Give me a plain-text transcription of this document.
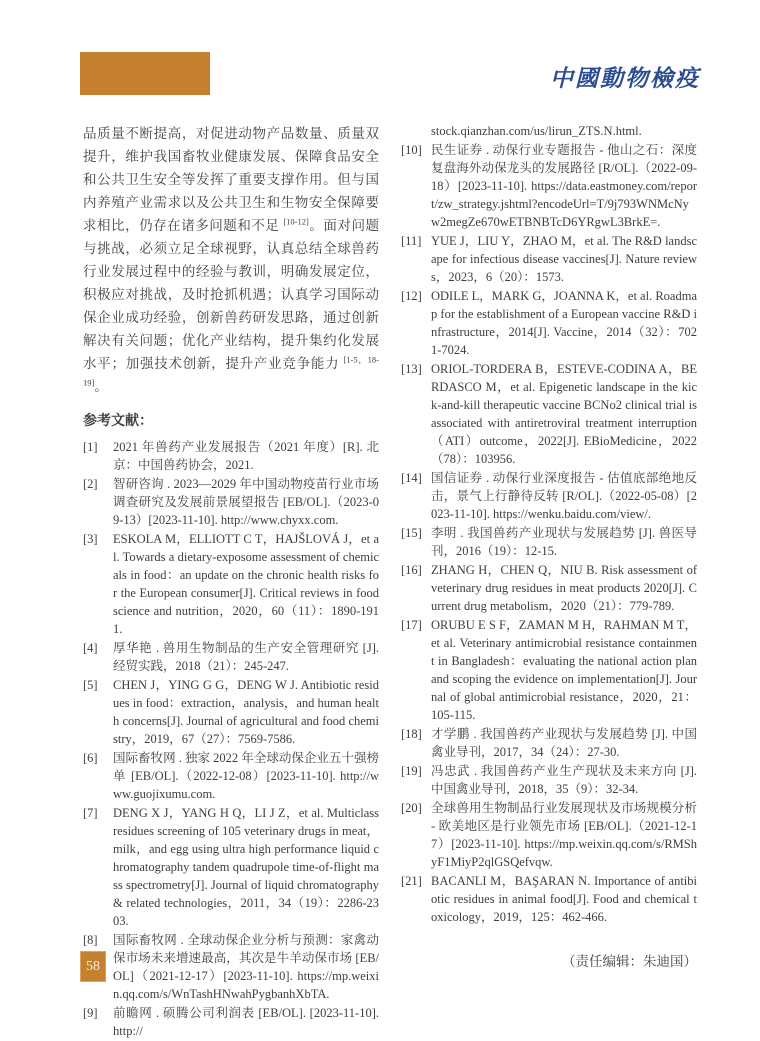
中國動物檢疫

品质量不断提高，对促进动物产品数量、质量双提升，维护我国畜牧业健康发展、保障食品安全和公共卫生安全等发挥了重要支撑作用。但与国内养殖产业需求以及公共卫生和生物安全保障要求相比，仍存在诸多问题和不足 [10-12]。面对问题与挑战，必须立足全球视野，认真总结全球兽药行业发展过程中的经验与教训，明确发展定位，积极应对挑战，及时抢抓机遇；认真学习国际动保企业成功经验，创新兽药研发思路，通过创新解决有关问题；优化产业结构，提升集约化发展水平；加强技术创新，提升产业竞争能力 [1-5，18-19]。

参考文献：
[1]	2021 年兽药产业发展报告（2021 年度）[R]. 北京：中国兽药协会，2021.
[2]	智研咨询 . 2023—2029 年中国动物疫苗行业市场调查研究及发展前景展望报告 [EB/OL].（2023-09-13）[2023-11-10]. http://www.chyxx.com.
[3]	ESKOLA M，ELLIOTT C T，HAJŠLOVÁ J，et al. Towards a dietary-exposome assessment of chemicals in food：an update on the chronic health risks for the European consumer[J]. Critical reviews in food science and nutrition，2020，60（11）：1890-1911.
[4]	厚华艳 . 兽用生物制品的生产安全管理研究 [J]. 经贸实践，2018（21）：245-247.
[5]	CHEN J，YING G G，DENG W J. Antibiotic residues in food：extraction，analysis，and human health concerns[J]. Journal of agricultural and food chemistry，2019，67（27）：7569-7586.
[6]	国际畜牧网 . 独家 2022 年全球动保企业五十强榜单 [EB/OL].（2022-12-08）[2023-11-10]. http://www.guojixumu.com.
[7]	DENG X J，YANG H Q，LI J Z，et al. Multiclass residues screening of 105 veterinary drugs in meat，milk，and egg using ultra high performance liquid chromatography tandem quadrupole time-of-flight mass spectrometry[J]. Journal of liquid chromatography & related technologies，2011，34（19）：2286-2303.
[8]	国际畜牧网 . 全球动保企业分析与预测：家禽动保市场未来增速最高，其次是牛羊动保市场 [EB/OL]（2021-12-17）[2023-11-10]. https://mp.weixin.qq.com/s/WnTashHNwahPygbanhXbTA.
[9]	前瞻网 . 硕腾公司利润表 [EB/OL]. [2023-11-10]. http://
stock.qianzhan.com/us/lirun_ZTS.N.html.
[10] 民生证券 . 动保行业专题报告 - 他山之石：深度复盘海外动保龙头的发展路径 [R/OL].（2022-09-18）[2023-11-10]. https://data.eastmoney.com/report/zw_strategy.jshtml?encodeUrl=T/9j793WNMcNyw2megZe670wETBNBTcD6YRgwL3BrkE=.
[11] YUE J，LIU Y，ZHAO M，et al. The R&D landscape for infectious disease vaccines[J]. Nature reviews，2023，6（20）：1573.
[12] ODILE L，MARK G，JOANNA K，et al. Roadmap for the establishment of a European vaccine R&D infrastructure，2014[J]. Vaccine，2014（32）：7021-7024.
[13] ORIOL-TORDERA B，ESTEVE-CODINA A，BERDASCO M，et al. Epigenetic landscape in the kick-and-kill therapeutic vaccine BCNo2 clinical trial is associated with antiretroviral treatment interruption（ATI）outcome，2022[J]. EBioMedicine，2022（78）：103956.
[14] 国信证券 . 动保行业深度报告 - 估值底部绝地反击，景气上行静待反转 [R/OL].（2022-05-08）[2023-11-10]. https://wenku.baidu.com/view/.
[15] 李明 . 我国兽药产业现状与发展趋势 [J]. 兽医导刊，2016（19）：12-15.
[16] ZHANG H，CHEN Q，NIU B. Risk assessment of veterinary drug residues in meat products 2020[J]. Current drug metabolism，2020（21）：779-789.
[17] ORUBU E S F，ZAMAN M H，RAHMAN M T，et al. Veterinary antimicrobial resistance containment in Bangladesh：evaluating the national action plan and scoping the evidence on implementation[J]. Journal of global antimicrobial resistance，2020，21：105-115.
[18] 才学鹏 . 我国兽药产业现状与发展趋势 [J]. 中国禽业导刊，2017，34（24）：27-30.
[19] 冯忠武 . 我国兽药产业生产现状及未来方向 [J]. 中国禽业导刊，2018，35（9）：32-34.
[20] 全球兽用生物制品行业发展现状及市场规模分析 - 欧美地区是行业领先市场 [EB/OL].（2021-12-17）[2023-11-10]. https://mp.weixin.qq.com/s/RMShyF1MiyP2qlGSQefvqw.
[21] BACANLI M，BAŞARAN N. Importance of antibiotic residues in animal food[J]. Food and chemical toxicology，2019，125：462-466.
（责任编辑：朱迪国）
58
